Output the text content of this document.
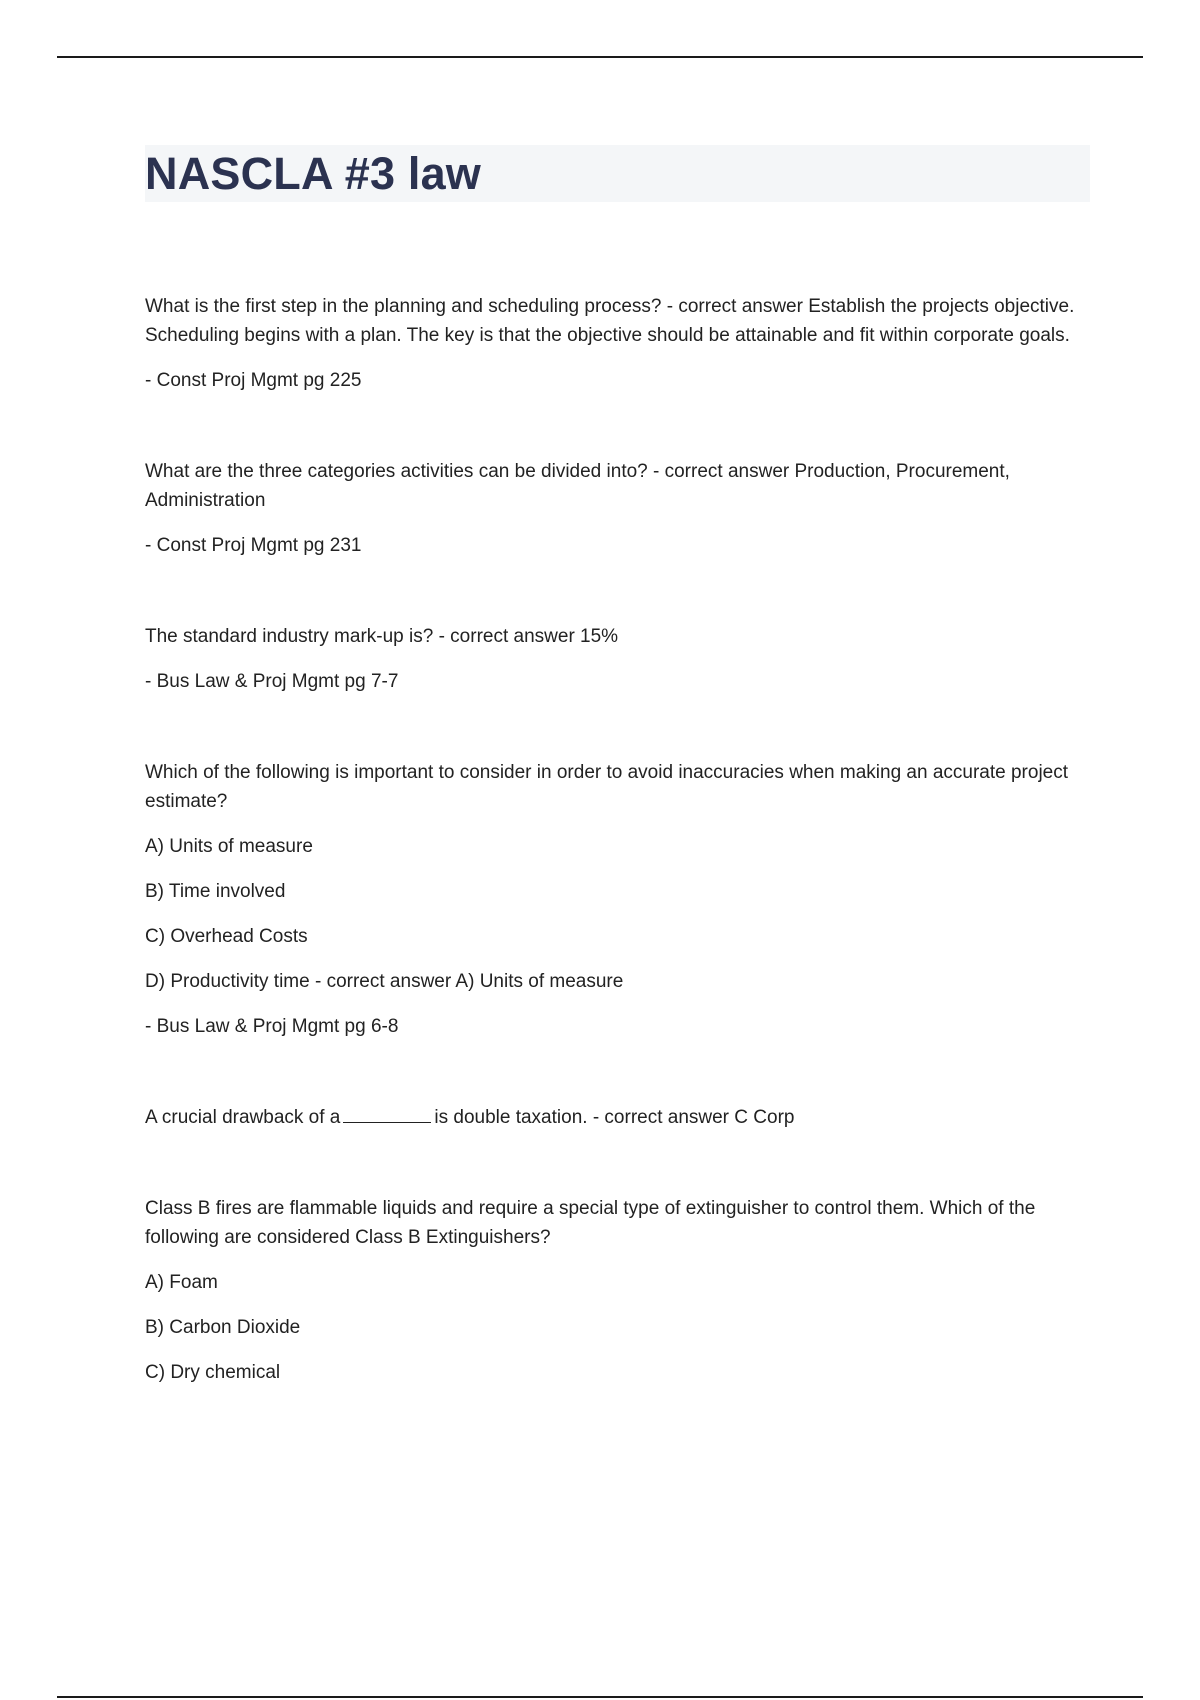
NASCLA #3 law

What is the first step in the planning and scheduling process? - correct answer Establish the projects objective. Scheduling begins with a plan. The key is that the objective should be attainable and fit within corporate goals.

- Const Proj Mgmt pg 225

What are the three categories activities can be divided into? - correct answer Production, Procurement, Administration

- Const Proj Mgmt pg 231

The standard industry mark-up is? - correct answer 15%

- Bus Law & Proj Mgmt pg 7-7

Which of the following is important to consider in order to avoid inaccuracies when making an accurate project estimate?

A) Units of measure

B) Time involved

C) Overhead Costs

D) Productivity time - correct answer A) Units of measure

- Bus Law & Proj Mgmt pg 6-8

A crucial drawback of a	is double taxation. - correct answer C Corp

Class B fires are flammable liquids and require a special type of extinguisher to control them. Which of the following are considered Class B Extinguishers?

A) Foam

B) Carbon Dioxide

C) Dry chemical
